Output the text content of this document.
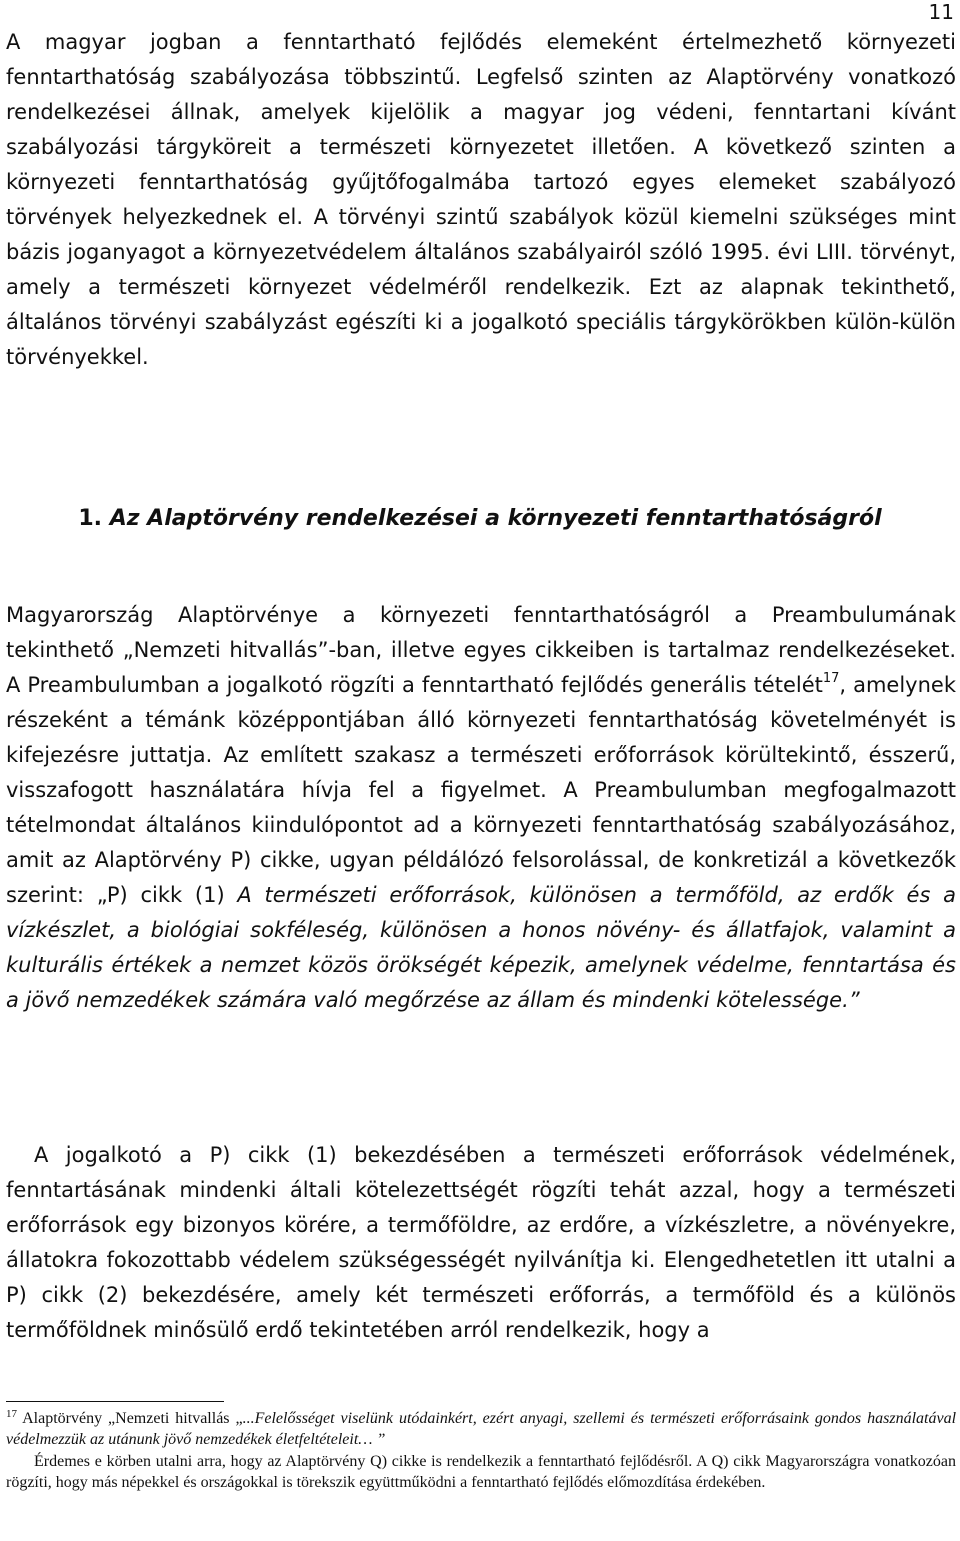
11

A magyar jogban a fenntartható fejlődés elemeként értelmezhető környezeti fenntarthatóság szabályozása többszintű. Legfelső szinten az Alaptörvény vonatkozó rendelkezései állnak, amelyek kijelölik a magyar jog védeni, fenntartani kívánt szabályozási tárgyköreit a természeti környezetet illetően. A következő szinten a környezeti fenntarthatóság gyűjtőfogalmába tartozó egyes elemeket szabályozó törvények helyezkednek el. A törvényi szintű szabályok közül kiemelni szükséges mint bázis joganyagot a környezetvédelem általános szabályairól szóló 1995. évi LIII. törvényt, amely a természeti környezet védelméről rendelkezik. Ezt az alapnak tekinthető, általános törvényi szabályzást egészíti ki a jogalkotó speciális tárgykörökben külön-külön törvényekkel.

1. Az Alaptörvény rendelkezései a környezeti fenntarthatóságról

Magyarország Alaptörvénye a környezeti fenntarthatóságról a Preambulumának tekinthető „Nemzeti hitvallás”-ban, illetve egyes cikkeiben is tartalmaz rendelkezéseket. A Preambulumban a jogalkotó rögzíti a fenntartható fejlődés generális tételét$^{17}$, amelynek részeként a témánk középpontjában álló környezeti fenntarthatóság követelményét is kifejezésre juttatja. Az említett szakasz a természeti erőforrások körültekintő, ésszerű, visszafogott használatára hívja fel a figyelmet. A Preambulumban megfogalmazott tételmondat általános kiindulópontot ad a környezeti fenntarthatóság szabályozásához, amit az Alaptörvény P) cikke, ugyan példálózó felsorolással, de konkretizál a következők szerint: „P) cikk (1) A természeti erőforrások, különösen a termőföld, az erdők és a vízkészlet, a biológiai sokféleség, különösen a honos növény- és állatfajok, valamint a kulturális értékek a nemzet közös örökségét képezik, amelynek védelme, fenntartása és a jövő nemzedékek számára való megőrzése az állam és mindenki kötelessége.”

A jogalkotó a P) cikk (1) bekezdésében a természeti erőforrások védelmének, fenntartásának mindenki általi kötelezettségét rögzíti tehát azzal, hogy a természeti erőforrások egy bizonyos körére, a termőföldre, az erdőre, a vízkészletre, a növényekre, állatokra fokozottabb védelem szükségességét nyilvánítja ki. Elengedhetetlen itt utalni a P) cikk (2) bekezdésére, amely két természeti erőforrás, a termőföld és a különös termőföldnek minősülő erdő tekintetében arról rendelkezik, hogy a

$^{17}$ Alaptörvény „Nemzeti hitvallás „...Felelősséget viselünk utódainkért, ezért anyagi, szellemi és természeti erőforrásaink gondos használatával védelmezzük az utánunk jövő nemzedékek életfeltételeit… ”

Érdemes e körben utalni arra, hogy az Alaptörvény Q) cikke is rendelkezik a fenntartható fejlődésről. A Q) cikk Magyarországra vonatkozóan rögzíti, hogy más népekkel és országokkal is törekszik együttműködni a fenntartható fejlődés előmozdítása érdekében.
